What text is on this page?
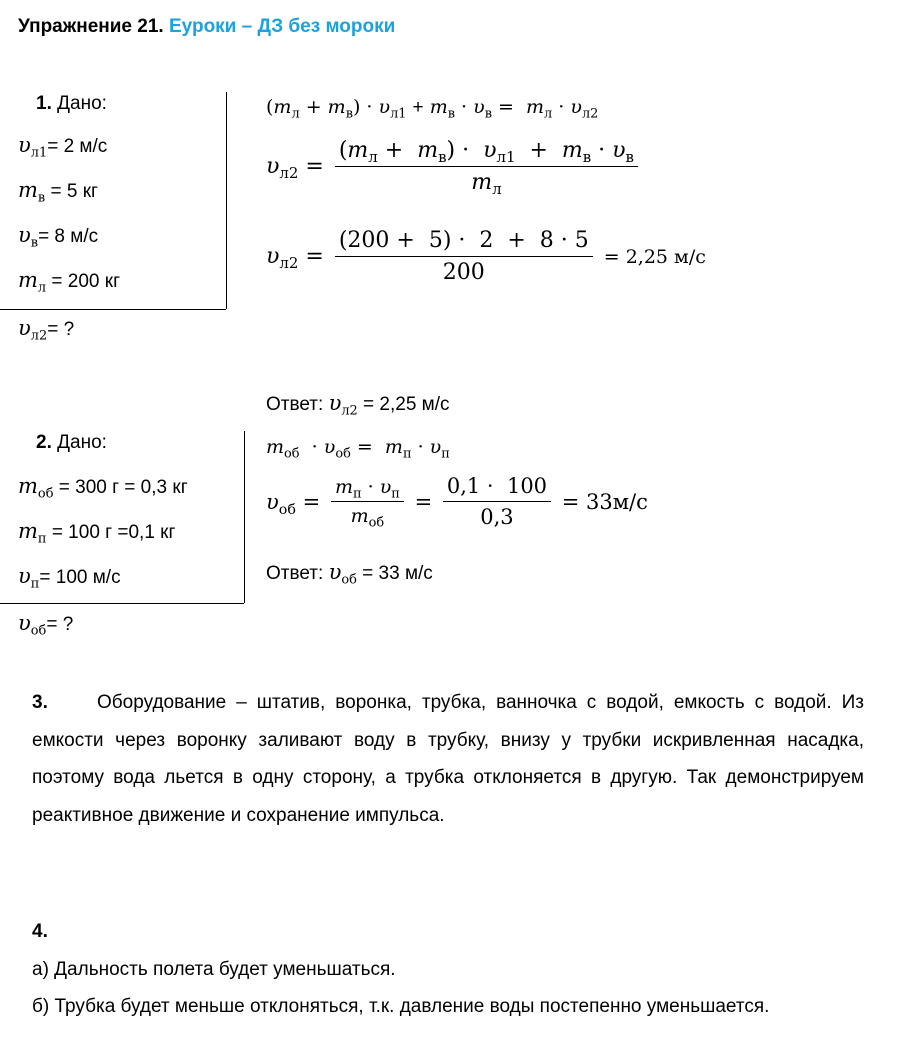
Упражнение 21. Еуроки – ДЗ без мороки
1. Дано:
$\upsilon_{л1}= 2$ м/с
$m_в = 5$ кг
$\upsilon_в= 8$ м/с
$m_л = 200$ кг
$\upsilon_{л2}=$ ?
$(m_л + m_в) \cdot \upsilon_{л1} + m_в \cdot \upsilon_в = m_л \cdot \upsilon_{л2}$
$\upsilon_{л2} = \frac{(m_л + m_в) \cdot \upsilon_{л1} + m_в \cdot \upsilon_в}{m_л}$
$\upsilon_{л2} = \frac{(200 + 5) \cdot 2 + 8 \cdot 5}{200} = 2,25$ м/с
Ответ: $\upsilon_{л2} = 2,25$ м/с
2. Дано:
$m_{об} = 300$ г = 0,3 кг
$m_п = 100$ г =0,1 кг
$\upsilon_п= 100$ м/с
$\upsilon_{об}=$ ?
$m_{об} \cdot \upsilon_{об} = m_п \cdot \upsilon_п$
$\upsilon_{об} = \frac{m_п \cdot \upsilon_п}{m_{об}} = \frac{0,1 \cdot 100}{0,3} = 33м/с$
Ответ: $\upsilon_{об} = 33$ м/с
3.	Оборудование – штатив, воронка, трубка, ванночка с водой, емкость с водой. Из емкости через воронку заливают воду в трубку, внизу у трубки искривленная насадка, поэтому вода льется в одну сторону, а трубка отклоняется в другую. Так демонстрируем реактивное движение и сохранение импульса.
4.
а) Дальность полета будет уменьшаться.
б) Трубка будет меньше отклоняться, т.к. давление воды постепенно уменьшается.
